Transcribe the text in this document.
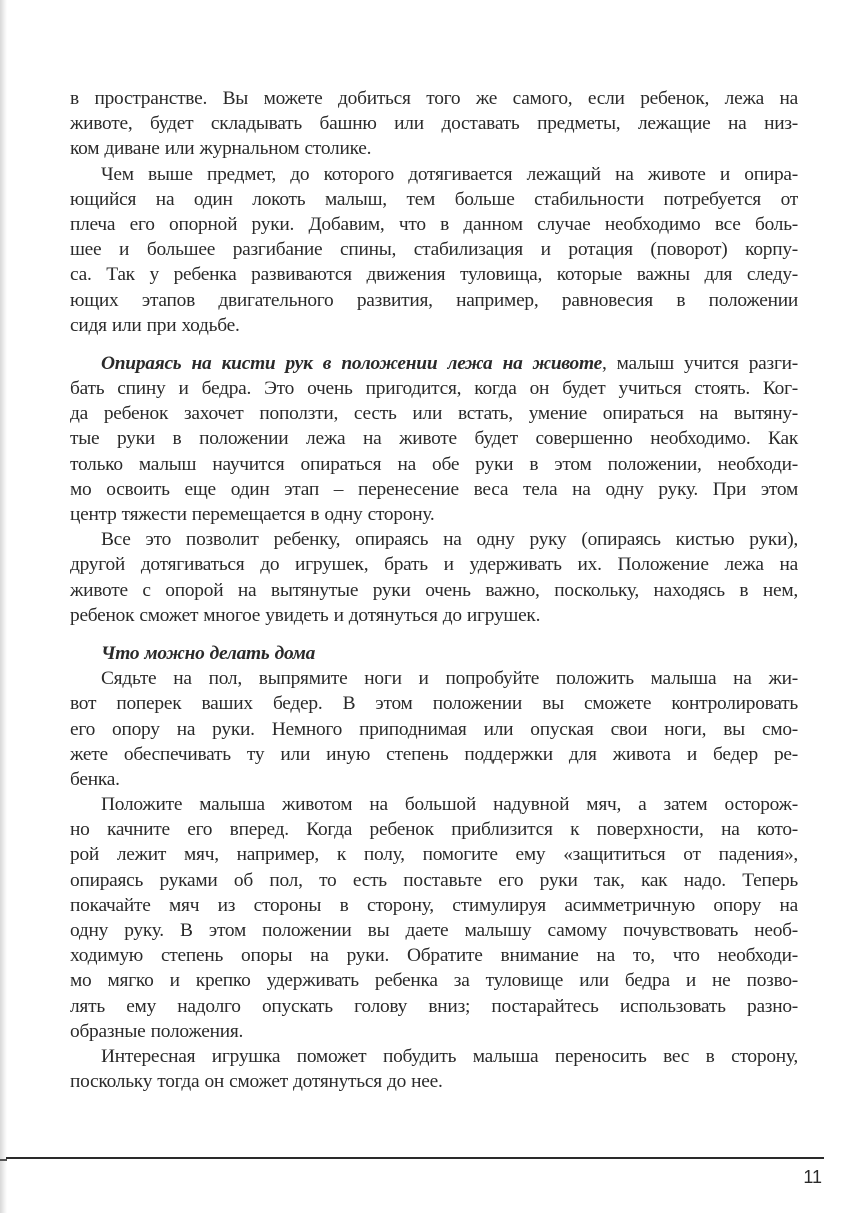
в пространстве. Вы можете добиться того же самого, если ребенок, лежа на
животе, будет складывать башню или доставать предметы, лежащие на низ-
ком диване или журнальном столике.
Чем выше предмет, до которого дотягивается лежащий на животе и опира-
ющийся на один локоть малыш, тем больше стабильности потребуется от
плеча его опорной руки. Добавим, что в данном случае необходимо все боль-
шее и большее разгибание спины, стабилизация и ротация (поворот) корпу-
са. Так у ребенка развиваются движения туловища, которые важны для следу-
ющих этапов двигательного развития, например, равновесия в положении
сидя или при ходьбе.
Опираясь на кисти рук в положении лежа на животе, малыш учится разги-
бать спину и бедра. Это очень пригодится, когда он будет учиться стоять. Ког-
да ребенок захочет поползти, сесть или встать, умение опираться на вытяну-
тые руки в положении лежа на животе будет совершенно необходимо. Как
только малыш научится опираться на обе руки в этом положении, необходи-
мо освоить еще один этап – перенесение веса тела на одну руку. При этом
центр тяжести перемещается в одну сторону.
Все это позволит ребенку, опираясь на одну руку (опираясь кистью руки),
другой дотягиваться до игрушек, брать и удерживать их. Положение лежа на
животе с опорой на вытянутые руки очень важно, поскольку, находясь в нем,
ребенок сможет многое увидеть и дотянуться до игрушек.
Что можно делать дома
Сядьте на пол, выпрямите ноги и попробуйте положить малыша на жи-
вот поперек ваших бедер. В этом положении вы сможете контролировать
его опору на руки. Немного приподнимая или опуская свои ноги, вы смо-
жете обеспечивать ту или иную степень поддержки для живота и бедер ре-
бенка.
Положите малыша животом на большой надувной мяч, а затем осторож-
но качните его вперед. Когда ребенок приблизится к поверхности, на кото-
рой лежит мяч, например, к полу, помогите ему «защититься от падения»,
опираясь руками об пол, то есть поставьте его руки так, как надо. Теперь
покачайте мяч из стороны в сторону, стимулируя асимметричную опору на
одну руку. В этом положении вы даете малышу самому почувствовать необ-
ходимую степень опоры на руки. Обратите внимание на то, что необходи-
мо мягко и крепко удерживать ребенка за туловище или бедра и не позво-
лять ему надолго опускать голову вниз; постарайтесь использовать разно-
образные положения.
Интересная игрушка поможет побудить малыша переносить вес в сторону,
поскольку тогда он сможет дотянуться до нее.
11
